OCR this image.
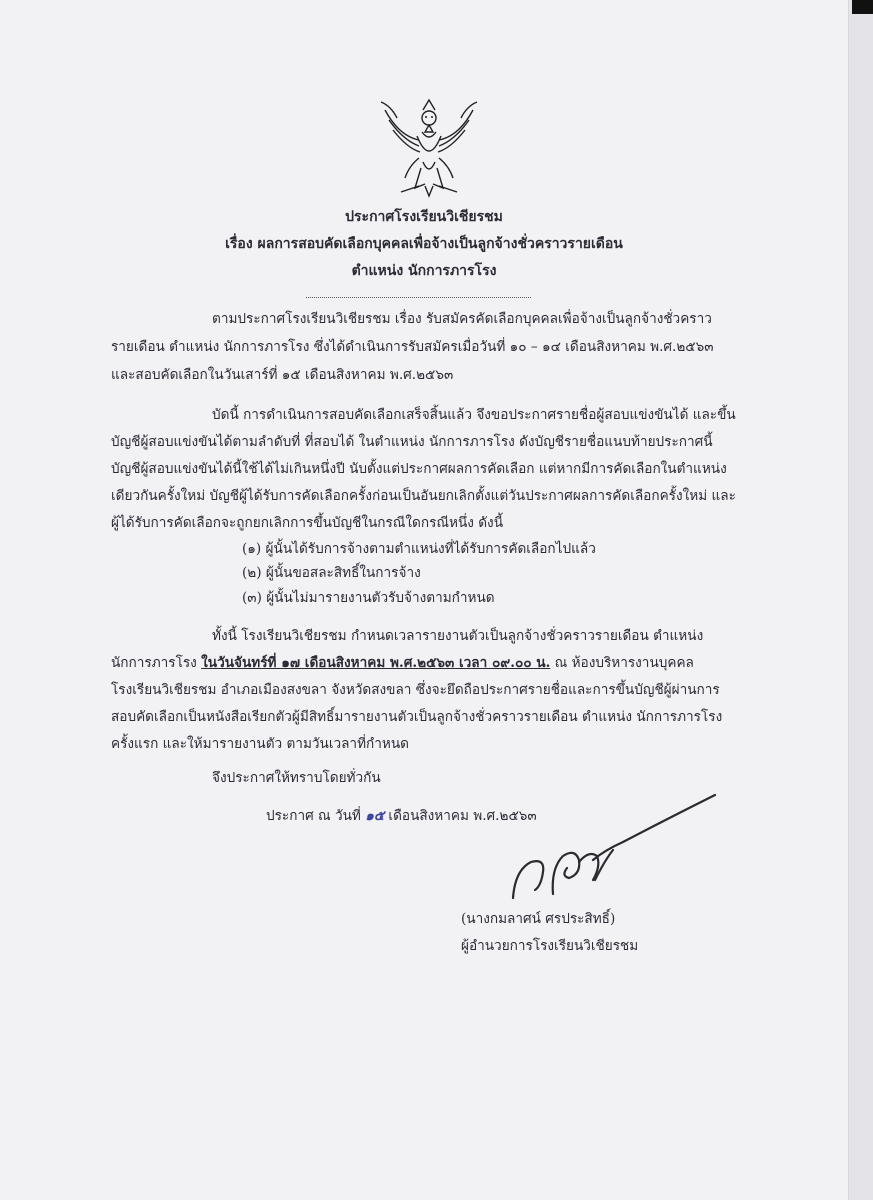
ประกาศโรงเรียนวิเชียรชม
เรื่อง ผลการสอบคัดเลือกบุคคลเพื่อจ้างเป็นลูกจ้างชั่วคราวรายเดือน
ตำแหน่ง นักการภารโรง
ตามประกาศโรงเรียนวิเชียรชม เรื่อง รับสมัครคัดเลือกบุคคลเพื่อจ้างเป็นลูกจ้างชั่วคราว
รายเดือน ตำแหน่ง นักการภารโรง ซึ่งได้ดำเนินการรับสมัครเมื่อวันที่ ๑๐ – ๑๔ เดือนสิงหาคม พ.ศ.๒๕๖๓
และสอบคัดเลือกในวันเสาร์ที่ ๑๕ เดือนสิงหาคม พ.ศ.๒๕๖๓
บัดนี้ การดำเนินการสอบคัดเลือกเสร็จสิ้นแล้ว จึงขอประกาศรายชื่อผู้สอบแข่งขันได้ และขึ้น
บัญชีผู้สอบแข่งขันได้ตามลำดับที่ ที่สอบได้ ในตำแหน่ง นักการภารโรง ดังบัญชีรายชื่อแนบท้ายประกาศนี้
บัญชีผู้สอบแข่งขันได้นี้ใช้ได้ไม่เกินหนึ่งปี นับตั้งแต่ประกาศผลการคัดเลือก แต่หากมีการคัดเลือกในตำแหน่ง
เดียวกันครั้งใหม่ บัญชีผู้ได้รับการคัดเลือกครั้งก่อนเป็นอันยกเลิกตั้งแต่วันประกาศผลการคัดเลือกครั้งใหม่ และ
ผู้ได้รับการคัดเลือกจะถูกยกเลิกการขึ้นบัญชีในกรณีใดกรณีหนึ่ง ดังนี้
(๑) ผู้นั้นได้รับการจ้างตามตำแหน่งที่ได้รับการคัดเลือกไปแล้ว
(๒) ผู้นั้นขอสละสิทธิ์ในการจ้าง
(๓) ผู้นั้นไม่มารายงานตัวรับจ้างตามกำหนด
ทั้งนี้ โรงเรียนวิเชียรชม กำหนดเวลารายงานตัวเป็นลูกจ้างชั่วคราวรายเดือน ตำแหน่ง
นักการภารโรง ในวันจันทร์ที่ ๑๗ เดือนสิงหาคม พ.ศ.๒๕๖๓ เวลา ๐๙.๐๐ น. ณ ห้องบริหารงานบุคคล
โรงเรียนวิเชียรชม อำเภอเมืองสงขลา จังหวัดสงขลา ซึ่งจะยึดถือประกาศรายชื่อและการขึ้นบัญชีผู้ผ่านการ
สอบคัดเลือกเป็นหนังสือเรียกตัวผู้มีสิทธิ์มารายงานตัวเป็นลูกจ้างชั่วคราวรายเดือน ตำแหน่ง นักการภารโรง
ครั้งแรก และให้มารายงานตัว ตามวันเวลาที่กำหนด
จึงประกาศให้ทราบโดยทั่วกัน
ประกาศ ณ วันที่ ๑๕ เดือนสิงหาคม พ.ศ.๒๕๖๓
(นางกมลาศน์ ศรประสิทธิ์)
ผู้อำนวยการโรงเรียนวิเชียรชม
